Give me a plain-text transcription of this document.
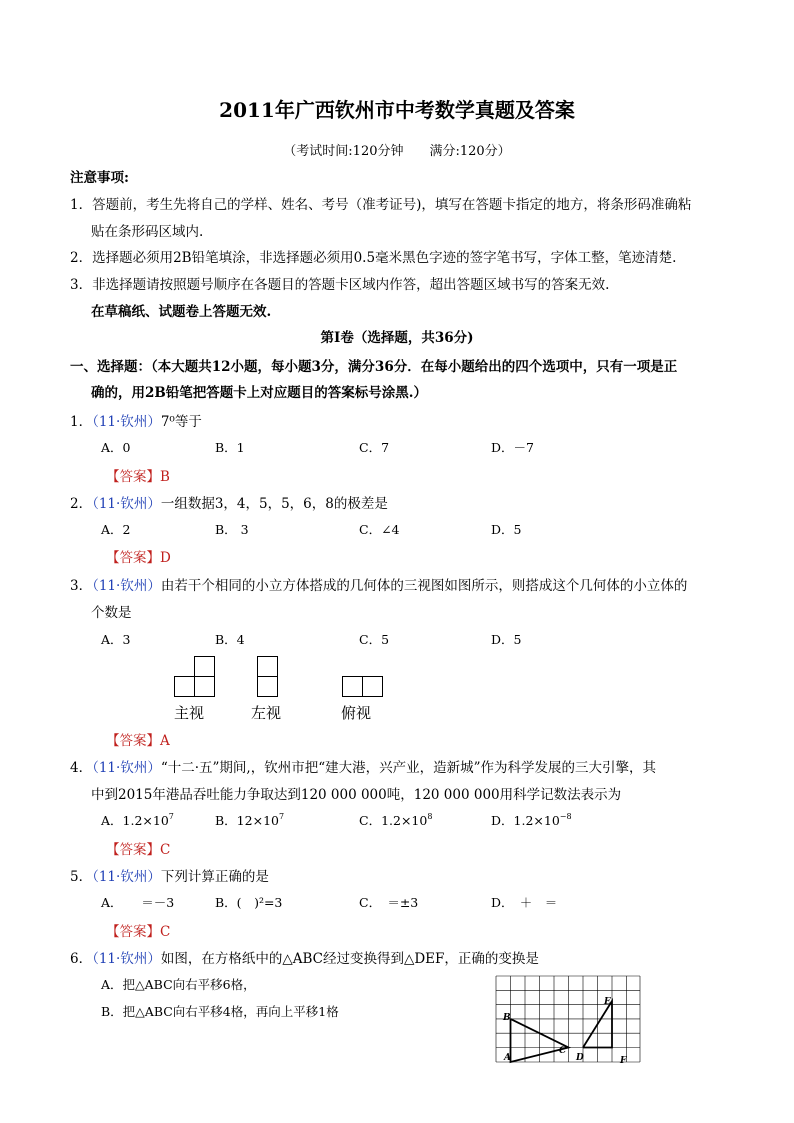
2011年广西钦州市中考数学真题及答案
（考试时间:120分钟　　满分:120分）
注意事项:
1．答题前，考生先将自己的学样、姓名、考号（准考证号)，填写在答题卡指定的地方，将条形码准确粘
贴在条形码区域内.
2．选择题必须用2B铅笔填涂，非选择题必须用0.5毫米黑色字迹的签字笔书写，字体工整，笔迹清楚.
3．非选择题请按照题号顺序在各题目的答题卡区域内作答，超出答题区域书写的答案无效.
在草稿纸、试题卷上答题无效.
第Ⅰ卷（选择题，共36分)
一、选择题：（本大题共12小题，每小题3分，满分36分．在每小题给出的四个选项中，只有一项是正
确的，用2B铅笔把答题卡上对应题目的答案标号涂黑.）
1．（11·钦州）7⁰等于
A．0	B．1	C．7	D．－7
【答案】B
2．（11·钦州）一组数据3，4，5，5，6，8的极差是
A．2	B． 3	C．∠4	D．5
【答案】D
3．（11·钦州）由若干个相同的小立方体搭成的几何体的三视图如图所示，则搭成这个几何体的小立体的
个数是
A．3	B．4	C．5	D．5
主视	左视	俯视
【答案】A
4．（11·钦州）“十二·五”期间,，钦州市把“建大港，兴产业，造新城”作为科学发展的三大引擎，其
中到2015年港品吞吐能力争取达到120 000 000吨，120 000 000用科学记数法表示为
A．$1.2\times 10^7$	B．$12\times 10^7$	C．$1.2\times 10^8$	D．$1.2\times 10^{-8}$
【答案】C
5．（11·钦州）下列计算正确的是
A．　　＝－3	B．(　)²=3	C．　＝±3	D．　＋　＝
【答案】C
6．（11·钦州）如图，在方格纸中的△ABC经过变换得到△DEF，正确的变换是
A．把△ABC向右平移6格，
B．把△ABC向右平移4格，再向上平移1格	B
A
C
E
D	F
